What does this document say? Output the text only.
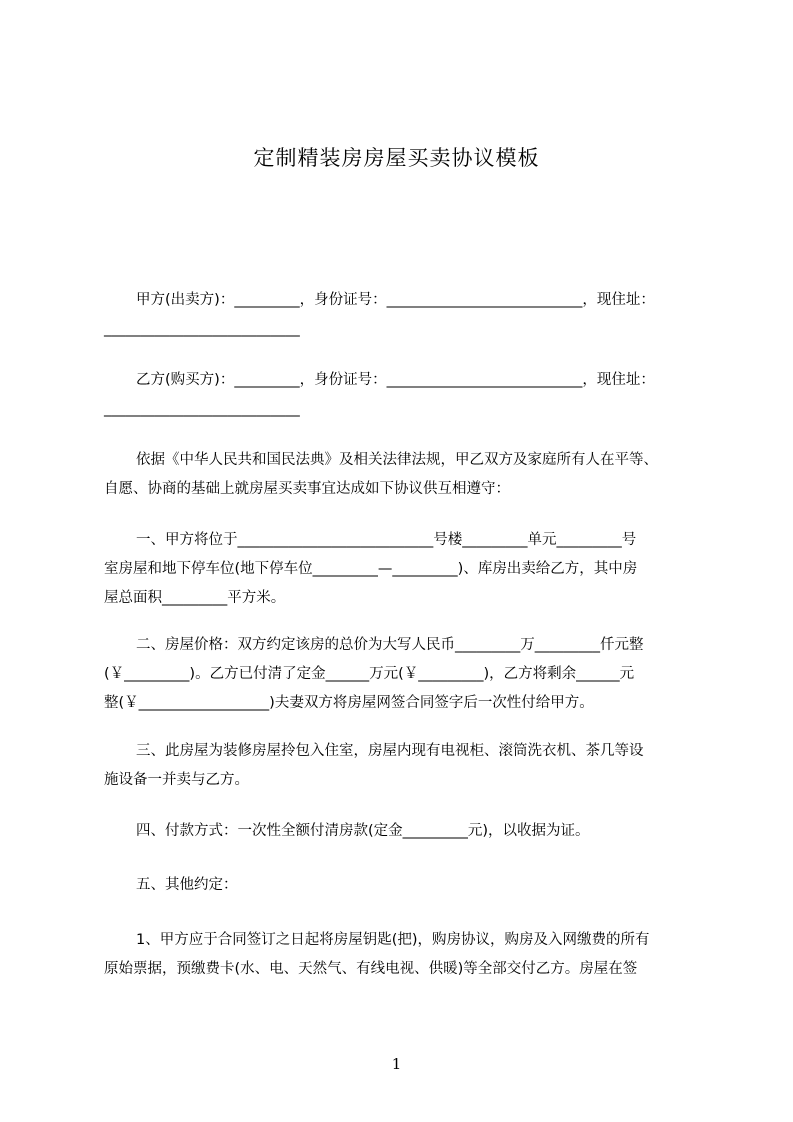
定制精装房房屋买卖协议模板
甲方(出卖方)：_________，身份证号：___________________________，现住址：
___________________________
乙方(购买方)：_________，身份证号：___________________________，现住址：
___________________________
依据《中华人民共和国民法典》及相关法律法规，甲乙双方及家庭所有人在平等、
自愿、协商的基础上就房屋买卖事宜达成如下协议供互相遵守：
一、甲方将位于___________________________号楼_________单元_________号
室房屋和地下停车位(地下停车位_________—_________)、库房出卖给乙方，其中房
屋总面积_________平方米。
二、房屋价格：双方约定该房的总价为大写人民币_________万_________仟元整
(￥_________)。乙方已付清了定金______万元(￥_________)，乙方将剩余______元
整(￥__________________)夫妻双方将房屋网签合同签字后一次性付给甲方。
三、此房屋为装修房屋拎包入住室，房屋内现有电视柜、滚筒洗衣机、茶几等设
施设备一并卖与乙方。
四、付款方式：一次性全额付清房款(定金_________元)，以收据为证。
五、其他约定：
1、甲方应于合同签订之日起将房屋钥匙(把)，购房协议，购房及入网缴费的所有
原始票据，预缴费卡(水、电、天然气、有线电视、供暖)等全部交付乙方。房屋在签
1
